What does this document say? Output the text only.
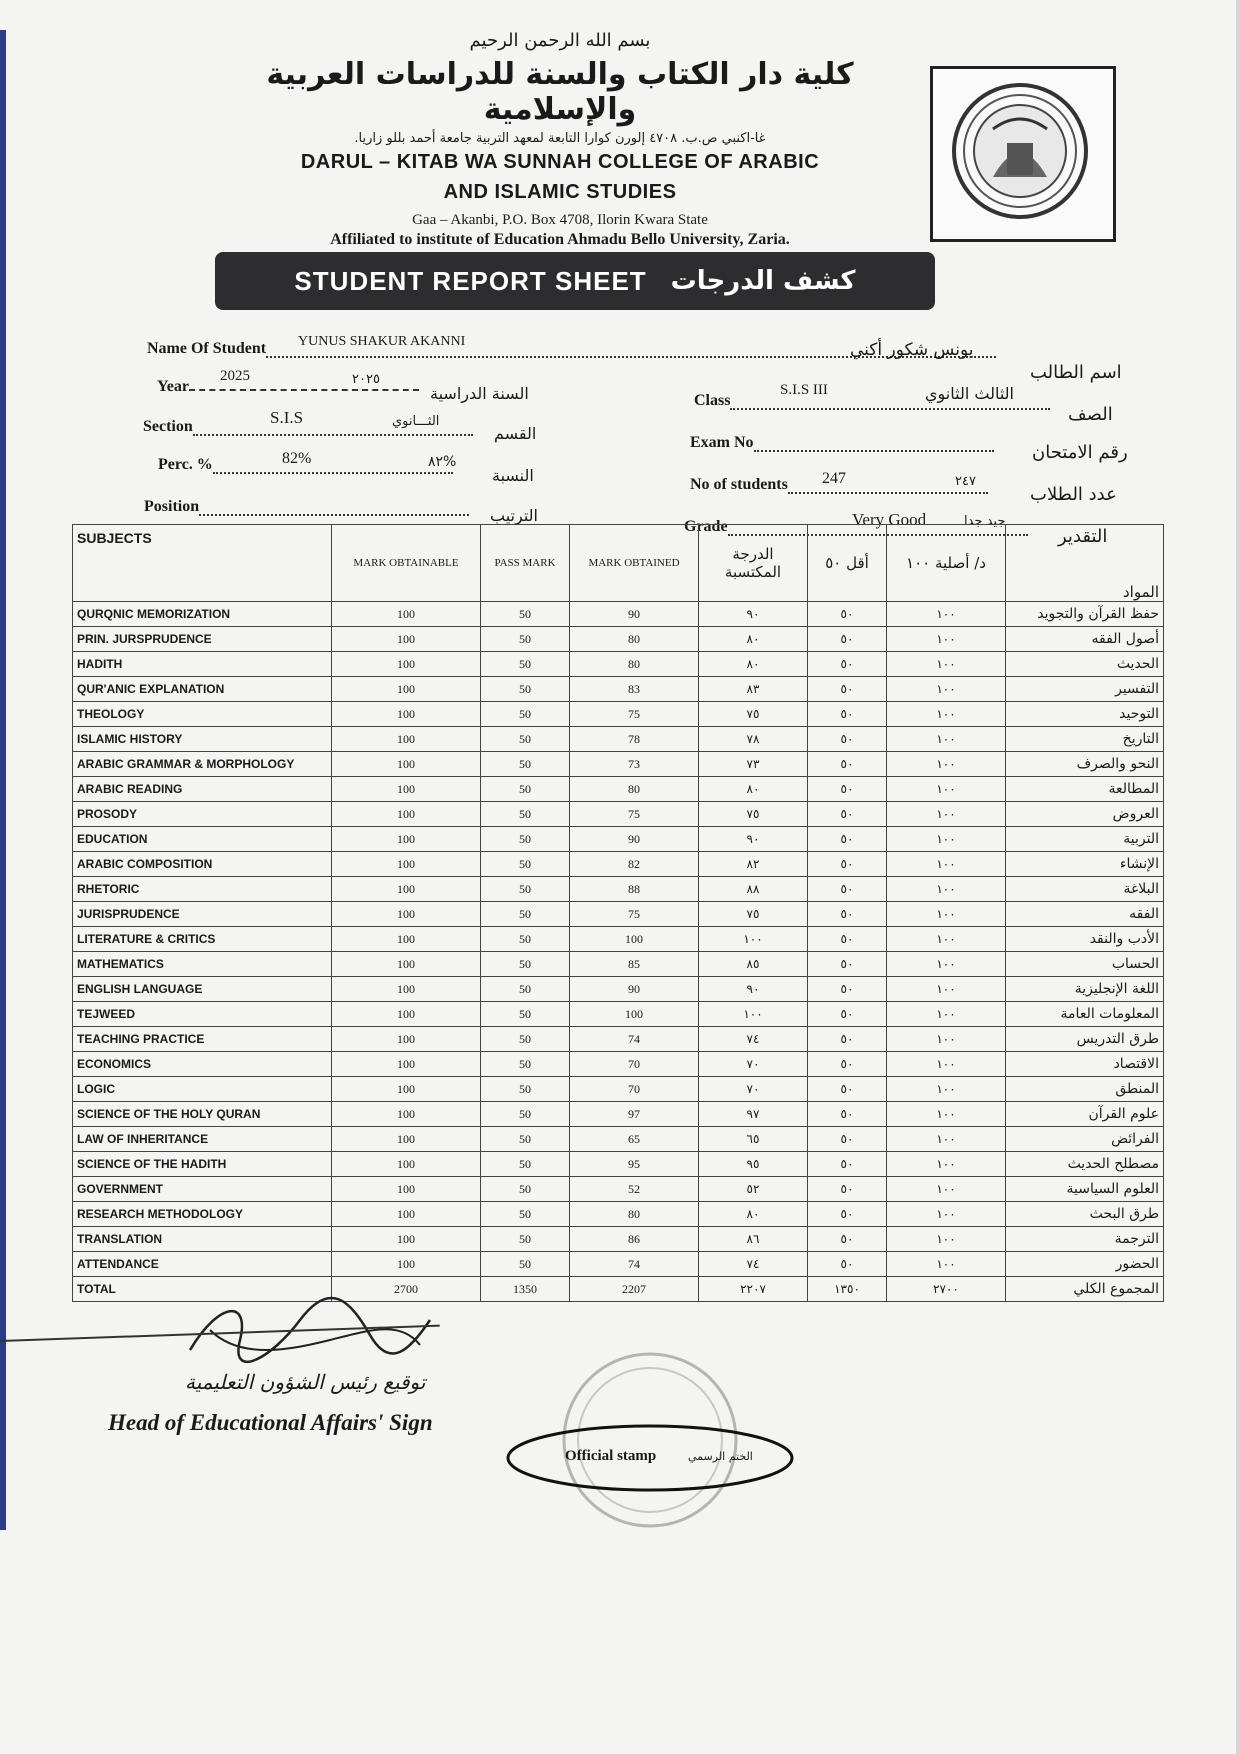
بسم الله الرحمن الرحيم
كلية دار الكتاب والسنة للدراسات العربية والإسلامية
غا-اكنبي ص.ب. ٤٧٠٨ إلورن كوارا التابعة لمعهد التربية جامعة أحمد بللو زاريا.
DARUL – KITAB WA SUNNAH COLLEGE OF ARABIC
AND ISLAMIC STUDIES
Gaa – Akanbi, P.O. Box 4708, Ilorin Kwara State
Affiliated to institute of Education Ahmadu Bello University, Zaria.
STUDENT REPORT SHEET كشف الدرجات
Name Of Student	YUNUS SHAKUR AKANNI	يونس شكور أكني
اسم الطالب
Year
2025	٢٠٢٥
السنة الدراسية	Class
S.I.S III	الثالث الثانوي
الصف
Section	S.I.S	الثـــانوي
القسم	Exam No	رقم الامتحان
Perc. %	82%	٨٢%
النسبة	No of students	247	٢٤٧
عدد الطلاب
Position	الترتيب
Grade	Very Good	جيد جدا
التقدير
SUBJECTS	MARK OBTAINABLE	PASS MARK	MARK OBTAINED	الدرجة المكتسبة	أقل ٥٠	د/ أصلية ١٠٠	المواد
QURQNIC MEMORIZATION	100	50	90	٩٠	٥٠	١٠٠	حفظ القرآن والتجويد
PRIN. JURSPRUDENCE	100	50	80	٨٠	٥٠	١٠٠	أصول الفقه
HADITH	100	50	80	٨٠	٥٠	١٠٠	الحديث
QUR'ANIC EXPLANATION	100	50	83	٨٣	٥٠	١٠٠	التفسير
THEOLOGY	100	50	75	٧٥	٥٠	١٠٠	التوحيد
ISLAMIC HISTORY	100	50	78	٧٨	٥٠	١٠٠	التاريخ
ARABIC GRAMMAR & MORPHOLOGY	100	50	73	٧٣	٥٠	١٠٠	النحو والصرف
ARABIC READING	100	50	80	٨٠	٥٠	١٠٠	المطالعة
PROSODY	100	50	75	٧٥	٥٠	١٠٠	العروض
EDUCATION	100	50	90	٩٠	٥٠	١٠٠	التربية
ARABIC COMPOSITION	100	50	82	٨٢	٥٠	١٠٠	الإنشاء
RHETORIC	100	50	88	٨٨	٥٠	١٠٠	البلاغة
JURISPRUDENCE	100	50	75	٧٥	٥٠	١٠٠	الفقه
LITERATURE & CRITICS	100	50	100	١٠٠	٥٠	١٠٠	الأدب والنقد
MATHEMATICS	100	50	85	٨٥	٥٠	١٠٠	الحساب
ENGLISH LANGUAGE	100	50	90	٩٠	٥٠	١٠٠	اللغة الإنجليزية
TEJWEED	100	50	100	١٠٠	٥٠	١٠٠	المعلومات العامة
TEACHING PRACTICE	100	50	74	٧٤	٥٠	١٠٠	طرق التدريس
ECONOMICS	100	50	70	٧٠	٥٠	١٠٠	الاقتصاد
LOGIC	100	50	70	٧٠	٥٠	١٠٠	المنطق
SCIENCE OF THE HOLY QURAN	100	50	97	٩٧	٥٠	١٠٠	علوم القرآن
LAW OF INHERITANCE	100	50	65	٦٥	٥٠	١٠٠	الفرائض
SCIENCE OF THE HADITH	100	50	95	٩٥	٥٠	١٠٠	مصطلح الحديث
GOVERNMENT	100	50	52	٥٢	٥٠	١٠٠	العلوم السياسية
RESEARCH METHODOLOGY	100	50	80	٨٠	٥٠	١٠٠	طرق البحث
TRANSLATION	100	50	86	٨٦	٥٠	١٠٠	الترجمة
ATTENDANCE	100	50	74	٧٤	٥٠	١٠٠	الحضور
TOTAL	2700	1350	2207	٢٢٠٧	١٣٥٠	٢٧٠٠	المجموع الكلي
توقيع رئيس الشؤون التعليمية
Head of Educational Affairs' Sign
Official stamp	الختم الرسمي
